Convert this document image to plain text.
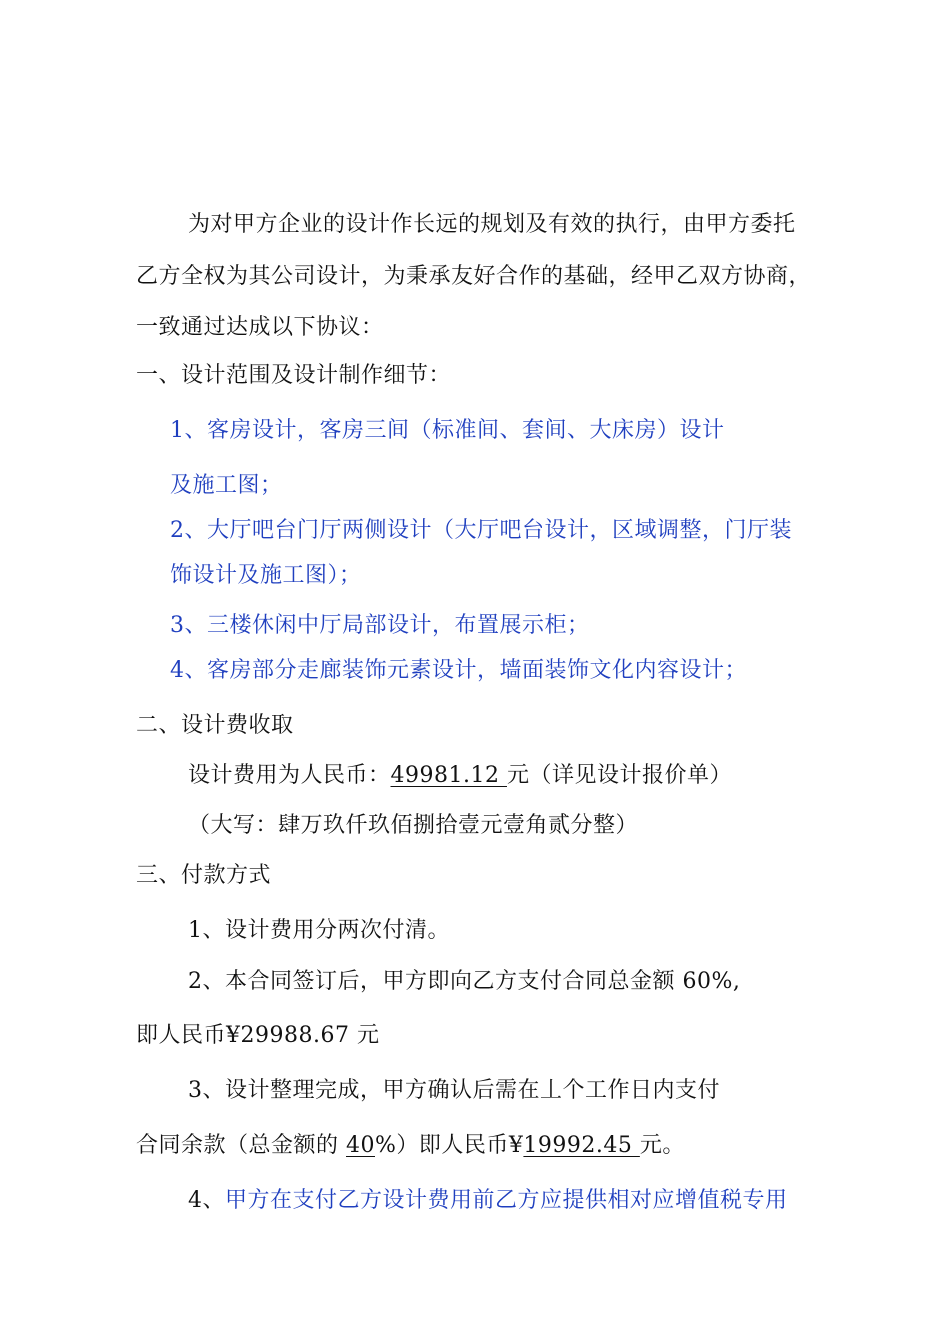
为对甲方企业的设计作长远的规划及有效的执行，由甲方委托
乙方全权为其公司设计，为秉承友好合作的基础，经甲乙双方协商，
一致通过达成以下协议：
一、设计范围及设计制作细节：
1、客房设计，客房三间（标准间、套间、大床房）设计
及施工图；
2、大厅吧台门厅两侧设计（大厅吧台设计，区域调整，门厅装
饰设计及施工图）；
3、三楼休闲中厅局部设计，布置展示柜；
4、客房部分走廊装饰元素设计，墙面装饰文化内容设计；
二、设计费收取
设计费用为人民币：49981.12 元（详见设计报价单）
（大写：肆万玖仟玖佰捌拾壹元壹角贰分整）
三、付款方式
1、设计费用分两次付清。
2、本合同签订后，甲方即向乙方支付合同总金额 60%,
即人民币¥29988.67 元
3、设计整理完成，甲方确认后需在丄个工作日内支付
合同余款（总金额的 40%）即人民币¥19992.45 元。
4、甲方在支付乙方设计费用前乙方应提供相对应增值税专用
